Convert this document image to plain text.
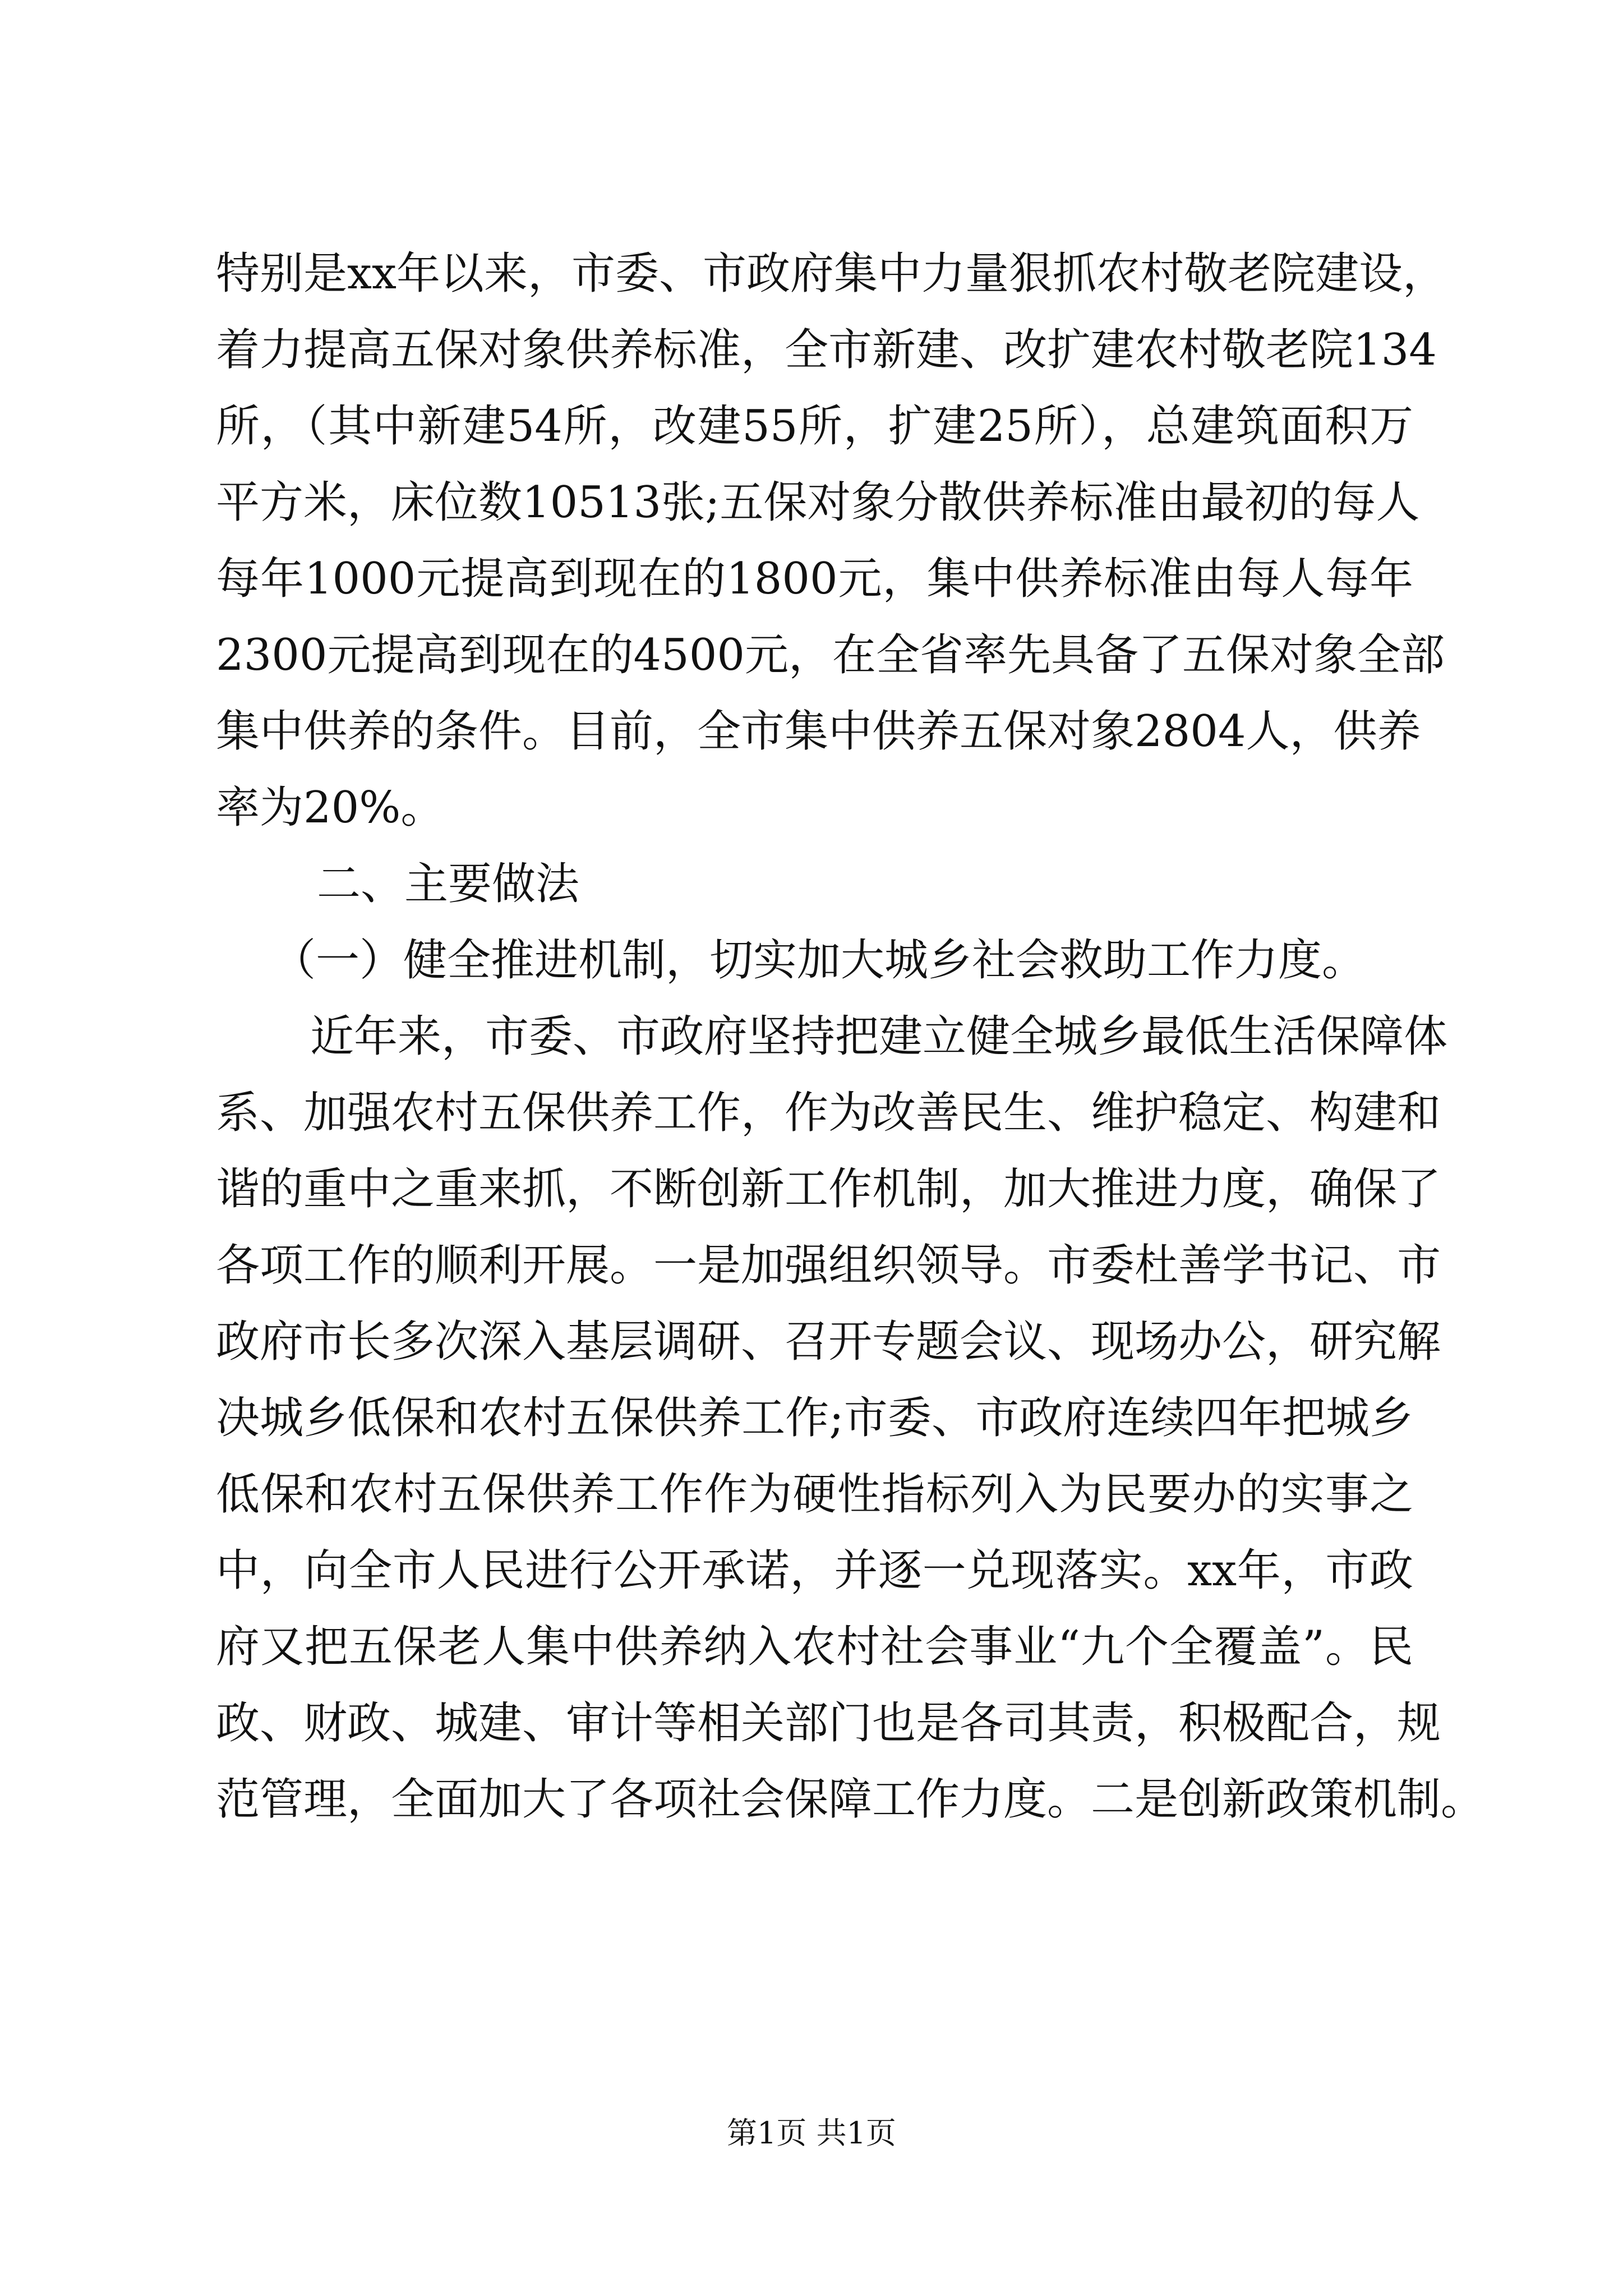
特别是xx年以来，市委、市政府集中力量狠抓农村敬老院建设，
着力提高五保对象供养标准，全市新建、改扩建农村敬老院134
所，（其中新建54所，改建55所，扩建25所），总建筑面积万
平方米，床位数10513张;五保对象分散供养标准由最初的每人
每年1000元提高到现在的1800元，集中供养标准由每人每年
2300元提高到现在的4500元，在全省率先具备了五保对象全部
集中供养的条件。目前，全市集中供养五保对象2804人，供养
率为20%。
二、主要做法
（一）健全推进机制，切实加大城乡社会救助工作力度。
近年来，市委、市政府坚持把建立健全城乡最低生活保障体
系、加强农村五保供养工作，作为改善民生、维护稳定、构建和
谐的重中之重来抓，不断创新工作机制，加大推进力度，确保了
各项工作的顺利开展。一是加强组织领导。市委杜善学书记、市
政府市长多次深入基层调研、召开专题会议、现场办公，研究解
决城乡低保和农村五保供养工作;市委、市政府连续四年把城乡
低保和农村五保供养工作作为硬性指标列入为民要办的实事之
中，向全市人民进行公开承诺，并逐一兑现落实。xx年，市政
府又把五保老人集中供养纳入农村社会事业“九个全覆盖”。民
政、财政、城建、审计等相关部门也是各司其责，积极配合，规
范管理，全面加大了各项社会保障工作力度。二是创新政策机制。
第1页 共1页
